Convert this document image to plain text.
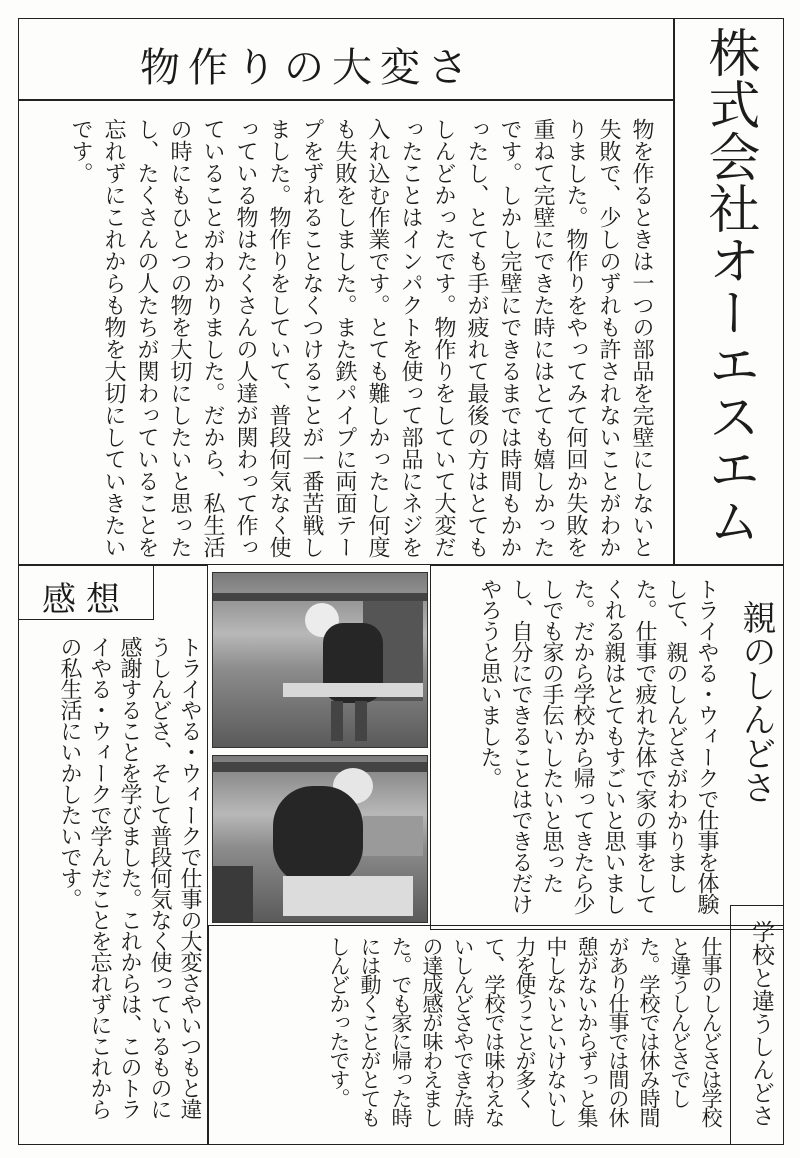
物作りの大変さ

物を作るときは一つの部品を完壁にしないと失敗で、少しのずれも許されないことがわかりました。物作りをやってみて何回か失敗を重ねて完壁にできた時にはとても嬉しかったです。しかし完壁にできるまでは時間もかかったし、とても手が疲れて最後の方はとてもしんどかったです。物作りをしていて大変だったことはインパクトを使って部品にネジを入れ込む作業です。とても難しかったし何度も失敗をしました。また鉄パイプに両面テープをずれることなくつけることが一番苦戦しました。物作りをしていて、普段何気なく使っている物はたくさんの人達が関わって作っていることがわかりました。だから、私生活の時にもひとつの物を大切にしたいと思ったし、たくさんの人たちが関わっていることを忘れずにこれからも物を大切にしていきたいです。	株式会社オーエスエム
感想

トライやる・ウィークで仕事の大変さやいつもと違うしんどさ、そして普段何気なく使っているものに感謝することを学びました。これからは、このトライやる・ウィークで学んだことを忘れずにこれからの私生活にいかしたいです。	親のしんどさ

トライやる・ウィークで仕事を体験して、親のしんどさがわかりました。仕事で疲れた体で家の事をしてくれる親はとてもすごいと思いました。だから学校から帰ってきたら少しでも家の手伝いしたいと思ったし、自分にできることはできるだけやろうと思いました。

学校と違うしんどさ

仕事のしんどさは学校と違うしんどさでした。学校では休み時間があり仕事では間の休憩がないからずっと集中しないといけないし力を使うことが多くて、学校では味わえないしんどさやできた時の達成感が味わえました。でも家に帰った時には動くことがとてもしんどかったです。
